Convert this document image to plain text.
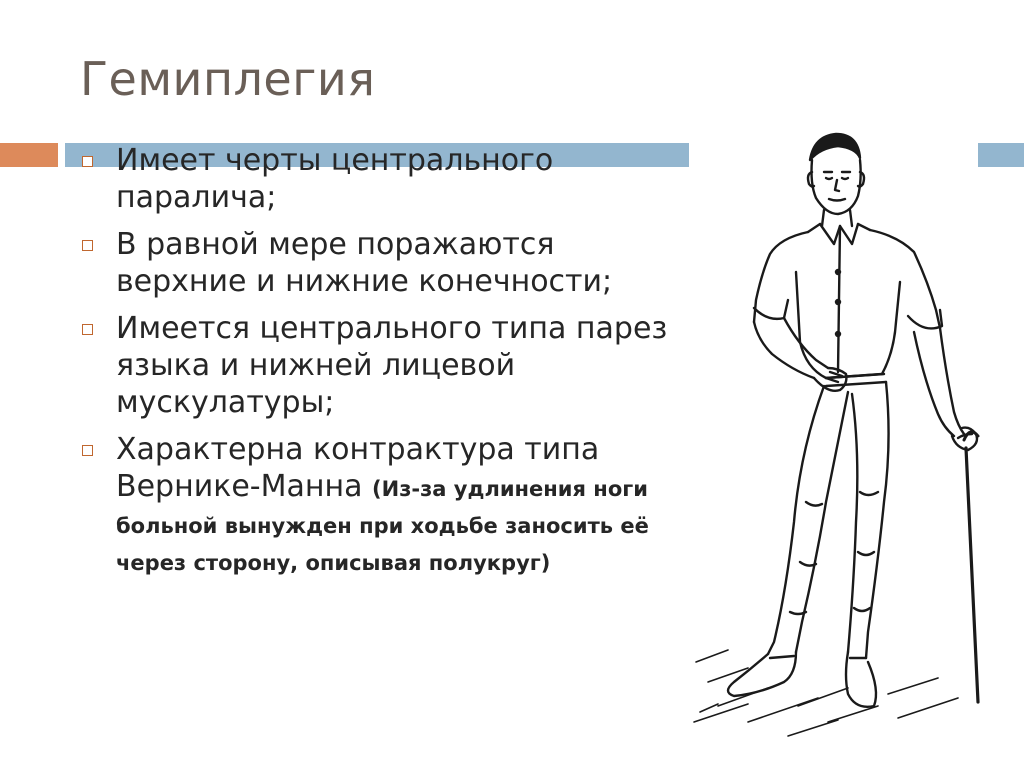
Гемиплегия
Имеет черты центрального паралича;
В равной мере поражаются верхние и нижние конечности;
Имеется центрального типа парез языка и нижней лицевой мускулатуры;
Характерна контрактура типа Вернике-Манна (Из-за удлинения ноги больной вынужден при ходьбе заносить её через сторону, описывая полукруг)
